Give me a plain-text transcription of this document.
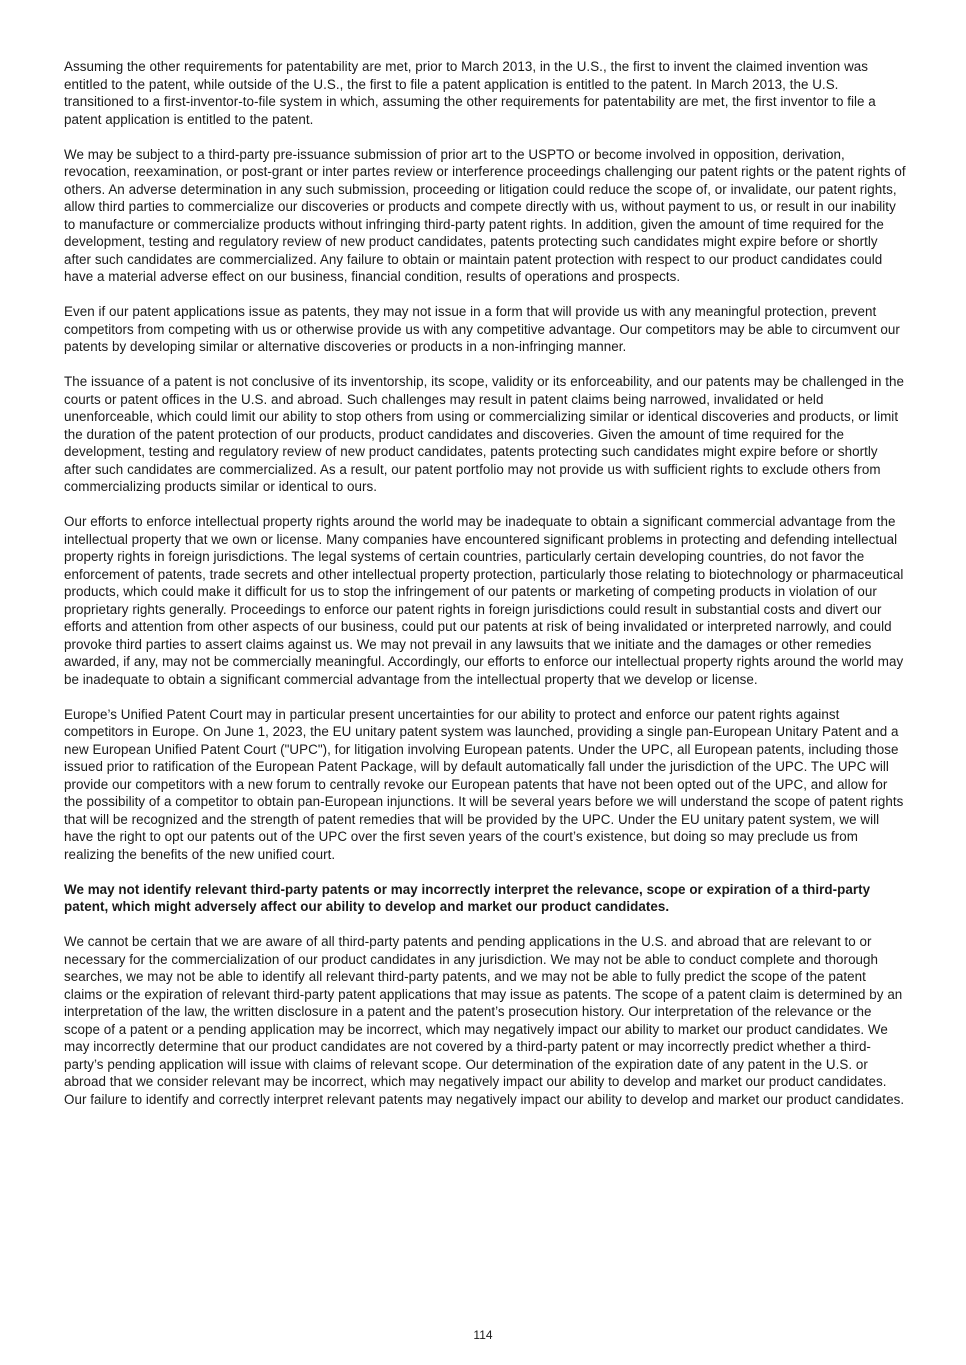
Assuming the other requirements for patentability are met, prior to March 2013, in the U.S., the first to invent the claimed invention was entitled to the patent, while outside of the U.S., the first to file a patent application is entitled to the patent. In March 2013, the U.S. transitioned to a first-inventor-to-file system in which, assuming the other requirements for patentability are met, the first inventor to file a patent application is entitled to the patent.

We may be subject to a third-party pre-issuance submission of prior art to the USPTO or become involved in opposition, derivation, revocation, reexamination, or post-grant or inter partes review or interference proceedings challenging our patent rights or the patent rights of others. An adverse determination in any such submission, proceeding or litigation could reduce the scope of, or invalidate, our patent rights, allow third parties to commercialize our discoveries or products and compete directly with us, without payment to us, or result in our inability to manufacture or commercialize products without infringing third-party patent rights. In addition, given the amount of time required for the development, testing and regulatory review of new product candidates, patents protecting such candidates might expire before or shortly after such candidates are commercialized. Any failure to obtain or maintain patent protection with respect to our product candidates could have a material adverse effect on our business, financial condition, results of operations and prospects.

Even if our patent applications issue as patents, they may not issue in a form that will provide us with any meaningful protection, prevent competitors from competing with us or otherwise provide us with any competitive advantage. Our competitors may be able to circumvent our patents by developing similar or alternative discoveries or products in a non-infringing manner.

The issuance of a patent is not conclusive of its inventorship, its scope, validity or its enforceability, and our patents may be challenged in the courts or patent offices in the U.S. and abroad. Such challenges may result in patent claims being narrowed, invalidated or held unenforceable, which could limit our ability to stop others from using or commercializing similar or identical discoveries and products, or limit the duration of the patent protection of our products, product candidates and discoveries. Given the amount of time required for the development, testing and regulatory review of new product candidates, patents protecting such candidates might expire before or shortly after such candidates are commercialized. As a result, our patent portfolio may not provide us with sufficient rights to exclude others from commercializing products similar or identical to ours.

Our efforts to enforce intellectual property rights around the world may be inadequate to obtain a significant commercial advantage from the intellectual property that we own or license. Many companies have encountered significant problems in protecting and defending intellectual property rights in foreign jurisdictions. The legal systems of certain countries, particularly certain developing countries, do not favor the enforcement of patents, trade secrets and other intellectual property protection, particularly those relating to biotechnology or pharmaceutical products, which could make it difficult for us to stop the infringement of our patents or marketing of competing products in violation of our proprietary rights generally. Proceedings to enforce our patent rights in foreign jurisdictions could result in substantial costs and divert our efforts and attention from other aspects of our business, could put our patents at risk of being invalidated or interpreted narrowly, and could provoke third parties to assert claims against us. We may not prevail in any lawsuits that we initiate and the damages or other remedies awarded, if any, may not be commercially meaningful. Accordingly, our efforts to enforce our intellectual property rights around the world may be inadequate to obtain a significant commercial advantage from the intellectual property that we develop or license.

Europe’s Unified Patent Court may in particular present uncertainties for our ability to protect and enforce our patent rights against competitors in Europe. On June 1, 2023, the EU unitary patent system was launched, providing a single pan-European Unitary Patent and a new European Unified Patent Court ("UPC"), for litigation involving European patents. Under the UPC, all European patents, including those issued prior to ratification of the European Patent Package, will by default automatically fall under the jurisdiction of the UPC. The UPC will provide our competitors with a new forum to centrally revoke our European patents that have not been opted out of the UPC, and allow for the possibility of a competitor to obtain pan-European injunctions. It will be several years before we will understand the scope of patent rights that will be recognized and the strength of patent remedies that will be provided by the UPC. Under the EU unitary patent system, we will have the right to opt our patents out of the UPC over the first seven years of the court’s existence, but doing so may preclude us from realizing the benefits of the new unified court.

We may not identify relevant third-party patents or may incorrectly interpret the relevance, scope or expiration of a third-party patent, which might adversely affect our ability to develop and market our product candidates.

We cannot be certain that we are aware of all third-party patents and pending applications in the U.S. and abroad that are relevant to or necessary for the commercialization of our product candidates in any jurisdiction. We may not be able to conduct complete and thorough searches, we may not be able to identify all relevant third-party patents, and we may not be able to fully predict the scope of the patent claims or the expiration of relevant third-party patent applications that may issue as patents. The scope of a patent claim is determined by an interpretation of the law, the written disclosure in a patent and the patent’s prosecution history. Our interpretation of the relevance or the scope of a patent or a pending application may be incorrect, which may negatively impact our ability to market our product candidates. We may incorrectly determine that our product candidates are not covered by a third-party patent or may incorrectly predict whether a third-party’s pending application will issue with claims of relevant scope. Our determination of the expiration date of any patent in the U.S. or abroad that we consider relevant may be incorrect, which may negatively impact our ability to develop and market our product candidates. Our failure to identify and correctly interpret relevant patents may negatively impact our ability to develop and market our product candidates.

114
